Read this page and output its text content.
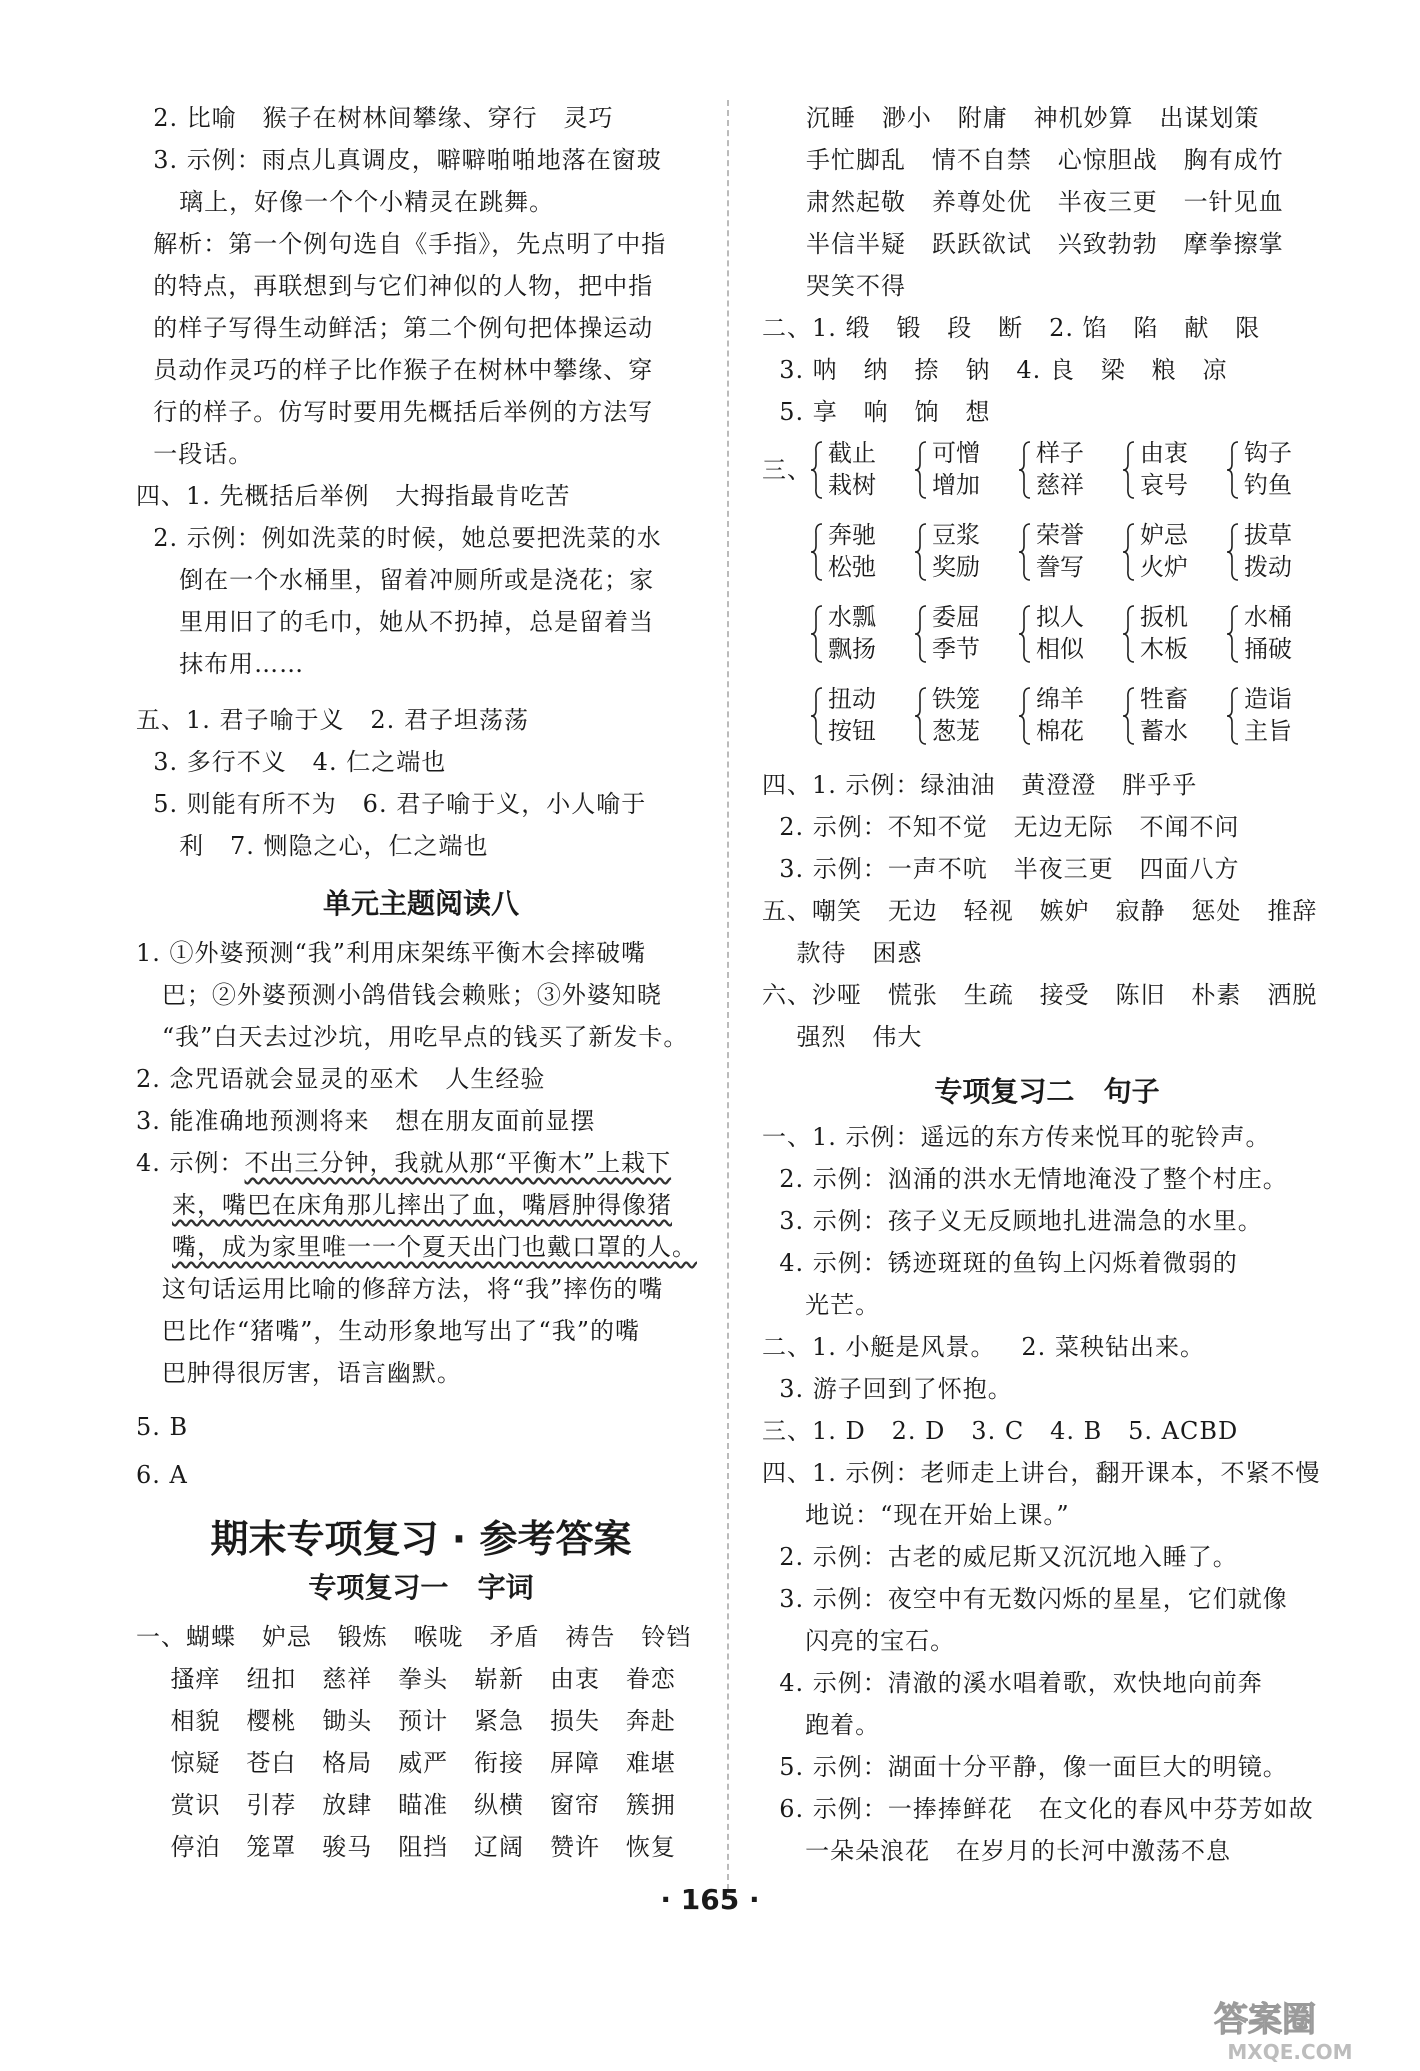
2. 比喻   猴子在树林间攀缘、穿行   灵巧
3. 示例：雨点儿真调皮，噼噼啪啪地落在窗玻
璃上，好像一个个小精灵在跳舞。
解析：第一个例句选自《手指》，先点明了中指
的特点，再联想到与它们神似的人物，把中指
的样子写得生动鲜活；第二个例句把体操运动
员动作灵巧的样子比作猴子在树林中攀缘、穿
行的样子。仿写时要用先概括后举例的方法写
一段话。
四、1. 先概括后举例   大拇指最肯吃苦
2. 示例：例如洗菜的时候，她总要把洗菜的水
倒在一个水桶里，留着冲厕所或是浇花；家
里用旧了的毛巾，她从不扔掉，总是留着当
抹布用……
五、1. 君子喻于义   2. 君子坦荡荡
3. 多行不义   4. 仁之端也
5. 则能有所不为   6. 君子喻于义，小人喻于
利   7. 恻隐之心，仁之端也
单元主题阅读八
1. ①外婆预测“我”利用床架练平衡木会摔破嘴
巴；②外婆预测小鸽借钱会赖账；③外婆知晓
“我”白天去过沙坑，用吃早点的钱买了新发卡。
2. 念咒语就会显灵的巫术   人生经验
3. 能准确地预测将来   想在朋友面前显摆
4. 示例：不出三分钟，我就从那“平衡木”上栽下
来，嘴巴在床角那儿摔出了血，嘴唇肿得像猪
嘴，成为家里唯一一个夏天出门也戴口罩的人。
这句话运用比喻的修辞方法，将“我”摔伤的嘴
巴比作“猪嘴”，生动形象地写出了“我”的嘴
巴肿得很厉害，语言幽默。
5. B
6. A
期末专项复习 · 参考答案
专项复习一   字词
一、蝴蝶   妒忌   锻炼   喉咙   矛盾   祷告   铃铛
搔痒   纽扣   慈祥   拳头   崭新   由衷   眷恋
相貌   樱桃   锄头   预计   紧急   损失   奔赴
惊疑   苍白   格局   威严   衔接   屏障   难堪
赏识   引荐   放肆   瞄准   纵横   窗帘   簇拥
停泊   笼罩   骏马   阻挡   辽阔   赞许   恢复
沉睡   渺小   附庸   神机妙算   出谋划策
手忙脚乱   情不自禁   心惊胆战   胸有成竹
肃然起敬   养尊处优   半夜三更   一针见血
半信半疑   跃跃欲试   兴致勃勃   摩拳擦掌
哭笑不得
二、1. 缎   锻   段   断   2. 馅   陷   献   限
3. 呐   纳   捺   钠   4. 良   梁   粮   凉
5. 享   响   饷   想
三、
截止
栽树
可憎
增加
样子
慈祥
由衷
哀号
钩子
钓鱼
奔驰
松弛
豆浆
奖励
荣誉
誊写
妒忌
火炉
拔草
拨动
水瓢
飘扬
委屈
季节
拟人
相似
扳机
木板
水桶
捅破
扭动
按钮
铁笼
葱茏
绵羊
棉花
牲畜
蓄水
造诣
主旨
四、1. 示例：绿油油   黄澄澄   胖乎乎
2. 示例：不知不觉   无边无际   不闻不问
3. 示例：一声不吭   半夜三更   四面八方
五、嘲笑   无边   轻视   嫉妒   寂静   惩处   推辞
款待   困惑
六、沙哑   慌张   生疏   接受   陈旧   朴素   洒脱
强烈   伟大
专项复习二   句子
一、1. 示例：遥远的东方传来悦耳的驼铃声。
2. 示例：汹涌的洪水无情地淹没了整个村庄。
3. 示例：孩子义无反顾地扎进湍急的水里。
4. 示例：锈迹斑斑的鱼钩上闪烁着微弱的
光芒。
二、1. 小艇是风景。   2. 菜秧钻出来。
3. 游子回到了怀抱。
三、1. D   2. D   3. C   4. B   5. ACBD
四、1. 示例：老师走上讲台，翻开课本，不紧不慢
地说：“现在开始上课。”
2. 示例：古老的威尼斯又沉沉地入睡了。
3. 示例：夜空中有无数闪烁的星星，它们就像
闪亮的宝石。
4. 示例：清澈的溪水唱着歌，欢快地向前奔
跑着。
5. 示例：湖面十分平静，像一面巨大的明镜。
6. 示例：一捧捧鲜花   在文化的春风中芬芳如故
一朵朵浪花   在岁月的长河中激荡不息
· 165 ·
答案圈
MXQE.COM
